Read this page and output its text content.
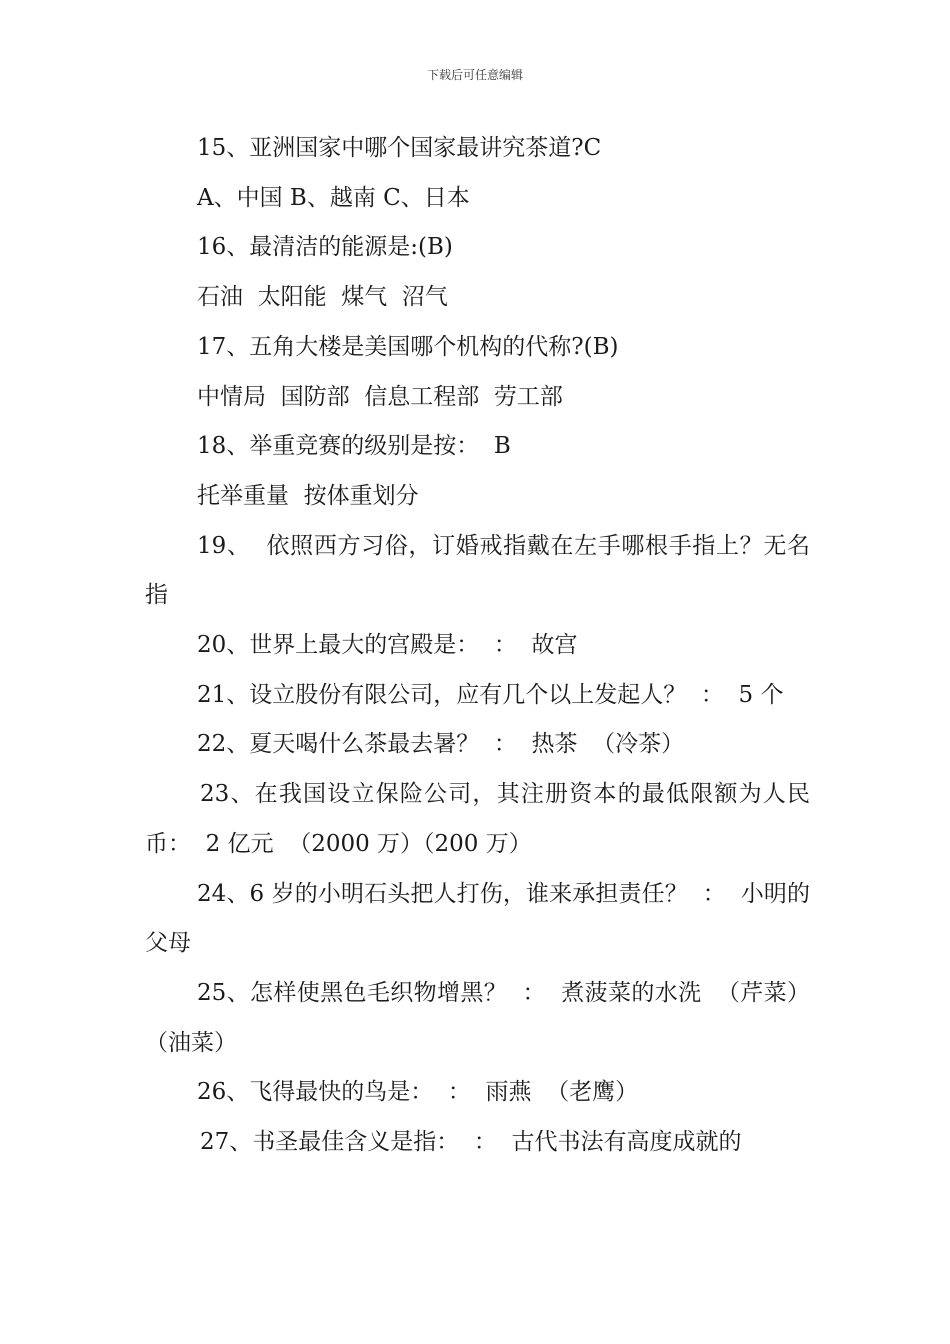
下载后可任意编辑

15、亚洲国家中哪个国家最讲究茶道?C

A、中国 B、越南 C、日本

16、最清洁的能源是:(B)

石油  太阳能  煤气  沼气

17、五角大楼是美国哪个机构的代称?(B)

中情局  国防部  信息工程部  劳工部

18、举重竞赛的级别是按：  B

托举重量  按体重划分

19、  依照西方习俗，订婚戒指戴在左手哪根手指上？无名指

20、世界上最大的宫殿是：  ：  故宫

21、设立股份有限公司，应有几个以上发起人？  ：  5 个

22、夏天喝什么茶最去暑？  ：  热茶  （冷茶）

23、在我国设立保险公司，其注册资本的最低限额为人民币：  2 亿元  （2000 万）（200 万）

24、6 岁的小明石头把人打伤，谁来承担责任？  ：  小明的父母

25、怎样使黑色毛织物增黑？  ：  煮菠菜的水洗  （芹菜）（油菜）

26、飞得最快的鸟是：  ：  雨燕  （老鹰）

27、书圣最佳含义是指：  ：  古代书法有高度成就的
